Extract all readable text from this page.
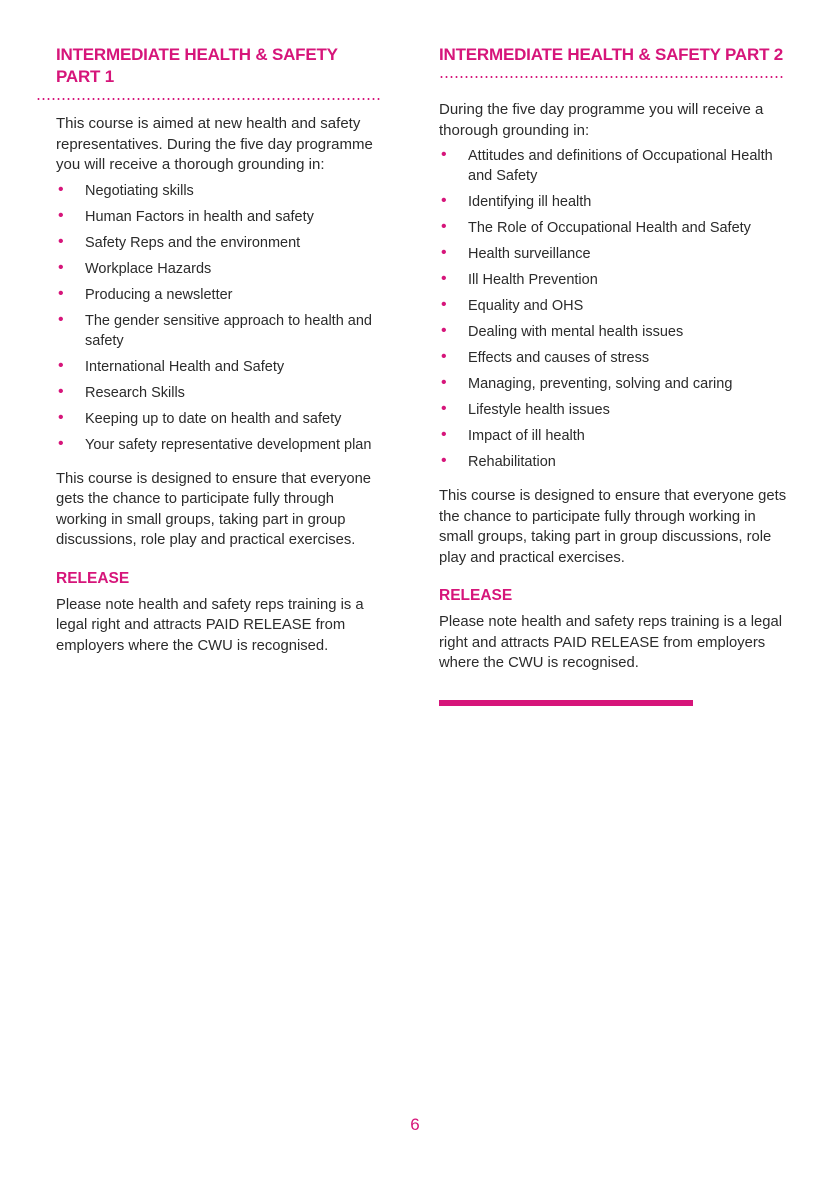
INTERMEDIATE HEALTH & SAFETY PART 1

This course is aimed at new health and safety representatives. During the five day programme you will receive a thorough grounding in:

• Negotiating skills
• Human Factors in health and safety
• Safety Reps and the environment
• Workplace Hazards
• Producing a newsletter
• The gender sensitive approach to health and safety
• International Health and Safety
• Research Skills
• Keeping up to date on health and safety
• Your safety representative development plan

This course is designed to ensure that everyone gets the chance to participate fully through working in small groups, taking part in group discussions, role play and practical exercises.

RELEASE

Please note health and safety reps training is a legal right and attracts PAID RELEASE from employers where the CWU is recognised.

INTERMEDIATE HEALTH & SAFETY PART 2

During the five day programme you will receive a thorough grounding in:

• Attitudes and definitions of Occupational Health and Safety
• Identifying ill health
• The Role of Occupational Health and Safety
• Health surveillance
• Ill Health Prevention
• Equality and OHS
• Dealing with mental health issues
• Effects and causes of stress
• Managing, preventing, solving and caring
• Lifestyle health issues
• Impact of ill health
• Rehabilitation

This course is designed to ensure that everyone gets the chance to participate fully through working in small groups, taking part in group discussions, role play and practical exercises.

RELEASE

Please note health and safety reps training is a legal right and attracts PAID RELEASE from employers where the CWU is recognised.

6
